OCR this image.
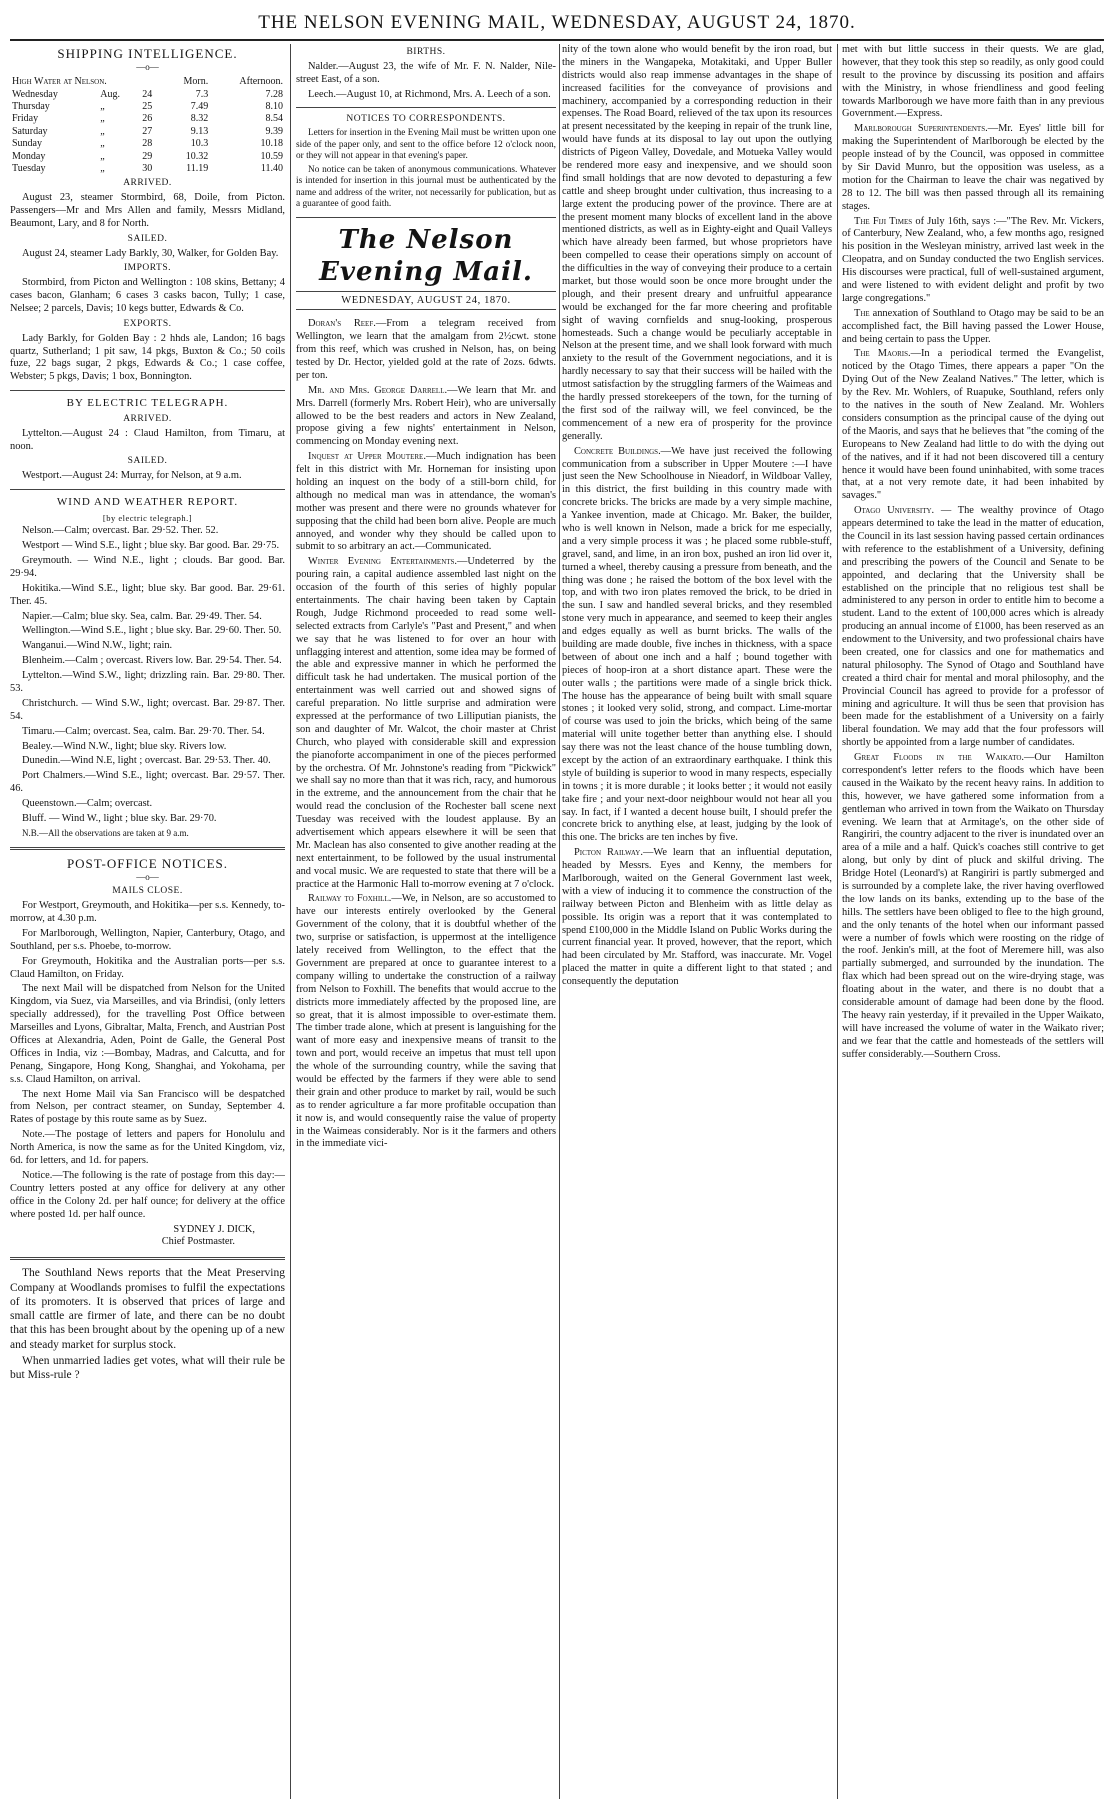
THE NELSON EVENING MAIL, WEDNESDAY, AUGUST 24, 1870.
SHIPPING INTELLIGENCE.
—o—
High Water at Nelson.			Morn.	Afternoon.
Wednesday	Aug.	24	7.3	7.28
Thursday	„	25	7.49	8.10
Friday	„	26	8.32	8.54
Saturday	„	27	9.13	9.39
Sunday	„	28	10.3	10.18
Monday	„	29	10.32	10.59
Tuesday	„	30	11.19	11.40
ARRIVED.

August 23, steamer Stormbird, 68, Doile, from Picton. Passengers—Mr and Mrs Allen and family, Messrs Midland, Beaumont, Lary, and 8 for North.

SAILED.

August 24, steamer Lady Barkly, 30, Walker, for Golden Bay.

IMPORTS.

Stormbird, from Picton and Wellington : 108 skins, Bettany; 4 cases bacon, Glanham; 6 cases 3 casks bacon, Tully; 1 case, Nelsee; 2 parcels, Davis; 10 kegs butter, Edwards & Co.

EXPORTS.

Lady Barkly, for Golden Bay : 2 hhds ale, Landon; 16 bags quartz, Sutherland; 1 pit saw, 14 pkgs, Buxton & Co.; 50 coils fuze, 22 bags sugar, 2 pkgs, Edwards & Co.; 1 case coffee, Webster; 5 pkgs, Davis; 1 box, Bonnington.

BY ELECTRIC TELEGRAPH.
ARRIVED.

Lyttelton.—August 24 : Claud Hamilton, from Timaru, at noon.

SAILED.

Westport.—August 24: Murray, for Nelson, at 9 a.m.

WIND AND WEATHER REPORT.
[by electric telegraph.]

Nelson.—Calm; overcast. Bar. 29·52. Ther. 52.

Westport — Wind S.E., light ; blue sky. Bar good. Bar. 29·75.

Greymouth. — Wind N.E., light ; clouds. Bar good. Bar. 29·94.

Hokitika.—Wind S.E., light; blue sky. Bar good. Bar. 29·61. Ther. 45.

Napier.—Calm; blue sky. Sea, calm. Bar. 29·49. Ther. 54.

Wellington.—Wind S.E., light ; blue sky. Bar. 29·60. Ther. 50.

Wanganui.—Wind N.W., light; rain.

Blenheim.—Calm ; overcast. Rivers low. Bar. 29·54. Ther. 54.

Lyttelton.—Wind S.W., light; drizzling rain. Bar. 29·80. Ther. 53.

Christchurch. — Wind S.W., light; overcast. Bar. 29·87. Ther. 54.

Timaru.—Calm; overcast. Sea, calm. Bar. 29·70. Ther. 54.

Bealey.—Wind N.W., light; blue sky. Rivers low.

Dunedin.—Wind N.E, light ; overcast. Bar. 29·53. Ther. 40.

Port Chalmers.—Wind S.E., light; overcast. Bar. 29·57. Ther. 46.

Queenstown.—Calm; overcast.

Bluff. — Wind W., light ; blue sky. Bar. 29·70.

N.B.—All the observations are taken at 9 a.m.

POST-OFFICE NOTICES.
—o—
MAILS CLOSE.

For Westport, Greymouth, and Hokitika—per s.s. Kennedy, to-morrow, at 4.30 p.m.

For Marlborough, Wellington, Napier, Canterbury, Otago, and Southland, per s.s. Phoebe, to-morrow.

For Greymouth, Hokitika and the Australian ports—per s.s. Claud Hamilton, on Friday.

The next Mail will be dispatched from Nelson for the United Kingdom, via Suez, via Marseilles, and via Brindisi, (only letters specially addressed), for the travelling Post Office between Marseilles and Lyons, Gibraltar, Malta, French, and Austrian Post Offices at Alexandria, Aden, Point de Galle, the General Post Offices in India, viz :—Bombay, Madras, and Calcutta, and for Penang, Singapore, Hong Kong, Shanghai, and Yokohama, per s.s. Claud Hamilton, on arrival.

The next Home Mail via San Francisco will be despatched from Nelson, per contract steamer, on Sunday, September 4. Rates of postage by this route same as by Suez.

Note.—The postage of letters and papers for Honolulu and North America, is now the same as for the United Kingdom, viz, 6d. for letters, and 1d. for papers.

Notice.—The following is the rate of postage from this day:—Country letters posted at any office for delivery at any other office in the Colony 2d. per half ounce; for delivery at the office where posted 1d. per half ounce.

SYDNEY J. DICK,
Chief Postmaster.

The Southland News reports that the Meat Preserving Company at Woodlands promises to fulfil the expectations of its promoters. It is observed that prices of large and small cattle are firmer of late, and there can be no doubt that this has been brought about by the opening up of a new and steady market for surplus stock.

When unmarried ladies get votes, what will their rule be but Miss-rule ?

BIRTHS.

Nalder.—August 23, the wife of Mr. F. N. Nalder, Nile-street East, of a son.

Leech.—August 10, at Richmond, Mrs. A. Leech of a son.

NOTICES TO CORRESPONDENTS.

Letters for insertion in the Evening Mail must be written upon one side of the paper only, and sent to the office before 12 o'clock noon, or they will not appear in that evening's paper.

No notice can be taken of anonymous communications. Whatever is intended for insertion in this journal must be authenticated by the name and address of the writer, not necessarily for publication, but as a guarantee of good faith.

The Nelson Evening Mail.
WEDNESDAY, AUGUST 24, 1870.

Doran's Reef.—From a telegram received from Wellington, we learn that the amalgam from 2½cwt. stone from this reef, which was crushed in Nelson, has, on being tested by Dr. Hector, yielded gold at the rate of 2ozs. 6dwts. per ton.

Mr. and Mrs. George Darrell.—We learn that Mr. and Mrs. Darrell (formerly Mrs. Robert Heir), who are universally allowed to be the best readers and actors in New Zealand, propose giving a few nights' entertainment in Nelson, commencing on Monday evening next.

Inquest at Upper Moutere.—Much indignation has been felt in this district with Mr. Horneman for insisting upon holding an inquest on the body of a still-born child, for although no medical man was in attendance, the woman's mother was present and there were no grounds whatever for supposing that the child had been born alive. People are much annoyed, and wonder why they should be called upon to submit to so arbitrary an act.—Communicated.

Winter Evening Entertainments.—Undeterred by the pouring rain, a capital audience assembled last night on the occasion of the fourth of this series of highly popular entertainments. The chair having been taken by Captain Rough, Judge Richmond proceeded to read some well-selected extracts from Carlyle's "Past and Present," and when we say that he was listened to for over an hour with unflagging interest and attention, some idea may be formed of the able and expressive manner in which he performed the difficult task he had undertaken. The musical portion of the entertainment was well carried out and showed signs of careful preparation. No little surprise and admiration were expressed at the performance of two Lilliputian pianists, the son and daughter of Mr. Walcot, the choir master at Christ Church, who played with considerable skill and expression the pianoforte accompaniment in one of the pieces performed by the orchestra. Of Mr. Johnstone's reading from "Pickwick" we shall say no more than that it was rich, racy, and humorous in the extreme, and the announcement from the chair that he would read the conclusion of the Rochester ball scene next Tuesday was received with the loudest applause. By an advertisement which appears elsewhere it will be seen that Mr. Maclean has also consented to give another reading at the next entertainment, to be followed by the usual instrumental and vocal music. We are requested to state that there will be a practice at the Harmonic Hall to-morrow evening at 7 o'clock.

Railway to Foxhill.—We, in Nelson, are so accustomed to have our interests entirely overlooked by the General Government of the colony, that it is doubtful whether of the two, surprise or satisfaction, is uppermost at the intelligence lately received from Wellington, to the effect that the Government are prepared at once to guarantee interest to a company willing to undertake the construction of a railway from Nelson to Foxhill. The benefits that would accrue to the districts more immediately affected by the proposed line, are so great, that it is almost impossible to over-estimate them. The timber trade alone, which at present is languishing for the want of more easy and inexpensive means of transit to the town and port, would receive an impetus that must tell upon the whole of the surrounding country, while the saving that would be effected by the farmers if they were able to send their grain and other produce to market by rail, would be such as to render agriculture a far more profitable occupation than it now is, and would consequently raise the value of property in the Waimeas considerably. Nor is it the farmers and others in the immediate vici-

nity of the town alone who would benefit by the iron road, but the miners in the Wangapeka, Motakitaki, and Upper Buller districts would also reap immense advantages in the shape of increased facilities for the conveyance of provisions and machinery, accompanied by a corresponding reduction in their expenses. The Road Board, relieved of the tax upon its resources at present necessitated by the keeping in repair of the trunk line, would have funds at its disposal to lay out upon the outlying districts of Pigeon Valley, Dovedale, and Motueka Valley would be rendered more easy and inexpensive, and we should soon find small holdings that are now devoted to depasturing a few cattle and sheep brought under cultivation, thus increasing to a large extent the producing power of the province. There are at the present moment many blocks of excellent land in the above mentioned districts, as well as in Eighty-eight and Quail Valleys which have already been farmed, but whose proprietors have been compelled to cease their operations simply on account of the difficulties in the way of conveying their produce to a certain market, but those would soon be once more brought under the plough, and their present dreary and unfruitful appearance would be exchanged for the far more cheering and profitable sight of waving cornfields and snug-looking, prosperous homesteads. Such a change would be peculiarly acceptable in Nelson at the present time, and we shall look forward with much anxiety to the result of the Government negociations, and it is hardly necessary to say that their success will be hailed with the utmost satisfaction by the struggling farmers of the Waimeas and the hardly pressed storekeepers of the town, for the turning of the first sod of the railway will, we feel convinced, be the commencement of a new era of prosperity for the province generally.

Concrete Buildings.—We have just received the following communication from a subscriber in Upper Moutere :—I have just seen the New Schoolhouse in Nieadorf, in Wildboar Valley, in this district, the first building in this country made with concrete bricks. The bricks are made by a very simple machine, a Yankee invention, made at Chicago. Mr. Baker, the builder, who is well known in Nelson, made a brick for me especially, and a very simple process it was ; he placed some rubble-stuff, gravel, sand, and lime, in an iron box, pushed an iron lid over it, turned a wheel, thereby causing a pressure from beneath, and the thing was done ; he raised the bottom of the box level with the top, and with two iron plates removed the brick, to be dried in the sun. I saw and handled several bricks, and they resembled stone very much in appearance, and seemed to keep their angles and edges equally as well as burnt bricks. The walls of the building are made double, five inches in thickness, with a space between of about one inch and a half ; bound together with pieces of hoop-iron at a short distance apart. These were the outer walls ; the partitions were made of a single brick thick. The house has the appearance of being built with small square stones ; it looked very solid, strong, and compact. Lime-mortar of course was used to join the bricks, which being of the same material will unite together better than anything else. I should say there was not the least chance of the house tumbling down, except by the action of an extraordinary earthquake. I think this style of building is superior to wood in many respects, especially in towns ; it is more durable ; it looks better ; it would not easily take fire ; and your next-door neighbour would not hear all you say. In fact, if I wanted a decent house built, I should prefer the concrete brick to anything else, at least, judging by the look of this one. The bricks are ten inches by five.

Picton Railway.—We learn that an influential deputation, headed by Messrs. Eyes and Kenny, the members for Marlborough, waited on the General Government last week, with a view of inducing it to commence the construction of the railway between Picton and Blenheim with as little delay as possible. Its origin was a report that it was contemplated to spend £100,000 in the Middle Island on Public Works during the current financial year. It proved, however, that the report, which had been circulated by Mr. Stafford, was inaccurate. Mr. Vogel placed the matter in quite a different light to that stated ; and consequently the deputation

met with but little success in their quests. We are glad, however, that they took this step so readily, as only good could result to the province by discussing its position and affairs with the Ministry, in whose friendliness and good feeling towards Marlborough we have more faith than in any previous Government.—Express.

Marlborough Superintendents.—Mr. Eyes' little bill for making the Superintendent of Marlborough be elected by the people instead of by the Council, was opposed in committee by Sir David Munro, but the opposition was useless, as a motion for the Chairman to leave the chair was negatived by 28 to 12. The bill was then passed through all its remaining stages.

The Fiji Times of July 16th, says :—"The Rev. Mr. Vickers, of Canterbury, New Zealand, who, a few months ago, resigned his position in the Wesleyan ministry, arrived last week in the Cleopatra, and on Sunday conducted the two English services. His discourses were practical, full of well-sustained argument, and were listened to with evident delight and profit by two large congregations."

The annexation of Southland to Otago may be said to be an accomplished fact, the Bill having passed the Lower House, and being certain to pass the Upper.

The Maoris.—In a periodical termed the Evangelist, noticed by the Otago Times, there appears a paper "On the Dying Out of the New Zealand Natives." The letter, which is by the Rev. Mr. Wohlers, of Ruapuke, Southland, refers only to the natives in the south of New Zealand. Mr. Wohlers considers consumption as the principal cause of the dying out of the Maoris, and says that he believes that "the coming of the Europeans to New Zealand had little to do with the dying out of the natives, and if it had not been discovered till a century hence it would have been found uninhabited, with some traces that, at a not very remote date, it had been inhabited by savages."

Otago University. — The wealthy province of Otago appears determined to take the lead in the matter of education, the Council in its last session having passed certain ordinances with reference to the establishment of a University, defining and prescribing the powers of the Council and Senate to be appointed, and declaring that the University shall be established on the principle that no religious test shall be administered to any person in order to entitle him to become a student. Land to the extent of 100,000 acres which is already producing an annual income of £1000, has been reserved as an endowment to the University, and two professional chairs have been created, one for classics and one for mathematics and natural philosophy. The Synod of Otago and Southland have created a third chair for mental and moral philosophy, and the Provincial Council has agreed to provide for a professor of mining and agriculture. It will thus be seen that provision has been made for the establishment of a University on a fairly liberal foundation. We may add that the four professors will shortly be appointed from a large number of candidates.

Great Floods in the Waikato.—Our Hamilton correspondent's letter refers to the floods which have been caused in the Waikato by the recent heavy rains. In addition to this, however, we have gathered some information from a gentleman who arrived in town from the Waikato on Thursday evening. We learn that at Armitage's, on the other side of Rangiriri, the country adjacent to the river is inundated over an area of a mile and a half. Quick's coaches still contrive to get along, but only by dint of pluck and skilful driving. The Bridge Hotel (Leonard's) at Rangiriri is partly submerged and is surrounded by a complete lake, the river having overflowed the low lands on its banks, extending up to the base of the hills. The settlers have been obliged to flee to the high ground, and the only tenants of the hotel when our informant passed were a number of fowls which were roosting on the ridge of the roof. Jenkin's mill, at the foot of Meremere hill, was also partially submerged, and surrounded by the inundation. The flax which had been spread out on the wire-drying stage, was floating about in the water, and there is no doubt that a considerable amount of damage had been done by the flood. The heavy rain yesterday, if it prevailed in the Upper Waikato, will have increased the volume of water in the Waikato river; and we fear that the cattle and homesteads of the settlers will suffer considerably.—Southern Cross.
